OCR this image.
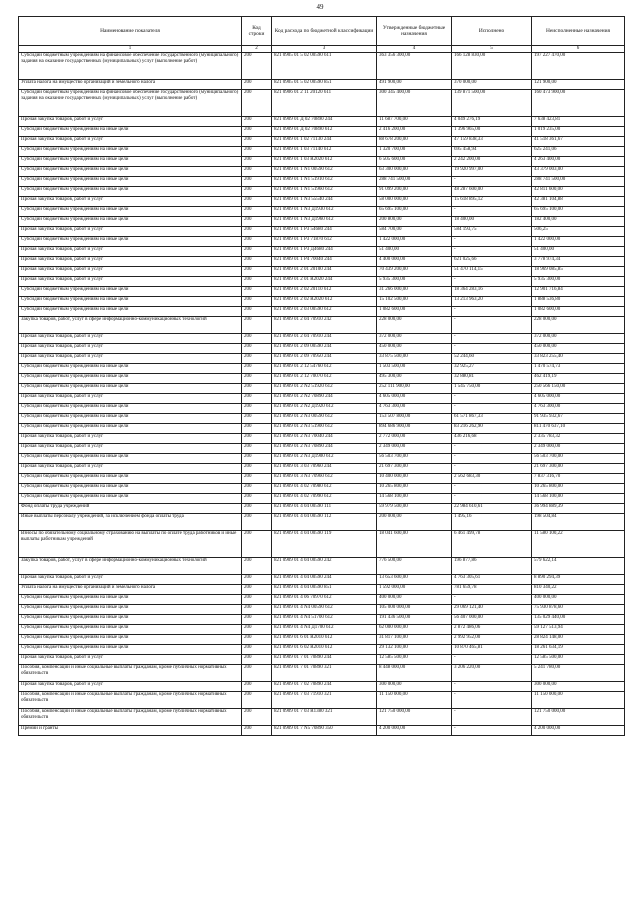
49
Наименование показателя	Код строки	Код расхода по бюджетной классификации	Утвержденные бюджетные назначения	Исполнено	Неисполненные назначения
1	2	3	4	5	6
Субсидии бюджетным учреждениям на финансовое обеспечение государственного (муниципального) задания на оказание государственных (муниципальных) услуг (выполнение работ)	200	821 0905 01 5 02 00590 611	363 356 300,00	166 128 830,00	197 227 470,00
Уплата налога на имущество организаций и земельного налога	200	821 0905 01 5 02 00590 851	491 900,00	370 000,00	121 900,00
Субсидии бюджетным учреждениям на финансовое обеспечение государственного (муниципального) задания на оказание государственных (муниципальных) услуг (выполнение работ)	200	821 0906 01 2 11 20120 611	300 345 400,00	139 871 500,00	160 473 900,00
Прочая закупка товаров, работ и услуг	200	821 0909 01 Д 02 70890 244	11 687 700,00	4 049 276,19	7 638 423,81
Субсидии бюджетным учреждениям на иные цели	200	821 0909 01 Д 02 70890 612	2 416 200,00	1 396 965,00	1 019 235,00
Прочая закупка товаров, работ и услуг	200	821 0909 01 1 02 71130 244	88 678 200,00	47 159 838,33	41 518 361,67
Субсидии бюджетным учреждениям на иные цели	200	821 0909 01 1 03 71140 612	1 320 700,00	695 458,94	625 241,06
Субсидии бюджетным учреждениям на иные цели	200	821 0909 01 1 03 R2020 612	6 505 600,00	2 242 200,00	4 263 400,00
Субсидии бюджетным учреждениям на иные цели	200	821 0909 01 1 N1 00590 612	63 300 000,00	19 920 997,00	43 379 003,00
Субсидии бюджетным учреждениям на иные цели	200	821 0909 01 1 N1 51910 612	288 741 500,00	-	288 741 500,00
Субсидии бюджетным учреждениям на иные цели	200	821 0909 01 1 N1 51960 612	91 099 200,00	48 287 600,00	42 811 600,00
Прочая закупка товаров, работ и услуг	200	821 0909 01 1 N3 55540 244	58 000 000,00	15 618 895,12	42 381 104,88
Субсидии бюджетным учреждениям на иные цели	200	821 0909 01 1 N3 Д1930 612	65 695 100,00	-	65 695 100,00
Субсидии бюджетным учреждениям на иные цели	200	821 0909 01 1 N3 Д1960 612	200 800,00	18 400,00	182 400,00
Прочая закупка товаров, работ и услуг	200	821 0909 01 1 P3 54680 244	584 700,00	584 193,75	506,25
Субсидии бюджетным учреждениям на иные цели	200	821 0909 01 1 P3 71870 612	1 422 000,00	-	1 422 000,00
Прочая закупка товаров, работ и услуг	200	821 0909 01 1 P3 Д4680 244	51 400,00	-	51 400,00
Прочая закупка товаров, работ и услуг	200	821 0909 01 1 P4 70040 244	4 400 000,00	621 025,66	3 778 974,34
Прочая закупка товаров, работ и услуг	200	821 0909 01 2 01 20100 244	70 439 200,00	51 470 114,15	18 969 085,85
Прочая закупка товаров, работ и услуг	200	821 0909 01 2 01 R2020 244	5 935 300,00	-	5 935 300,00
Субсидии бюджетным учреждениям на иные цели	200	821 0909 01 2 02 20110 612	31 266 000,00	18 364 283,16	12 901 716,84
Субсидии бюджетным учреждениям на иные цели	200	821 0909 01 2 02 R2020 612	15 102 500,00	13 213 963,20	1 888 536,80
Субсидии бюджетным учреждениям на иные цели	200	821 0909 01 2 03 00590 612	1 082 600,00	-	1 082 600,00
Закупка товаров, работ, услуг в сфере информационно-коммуникационных технологий	200	821 0909 01 2 04 70910 242	228 000,00	-	228 000,00
Прочая закупка товаров, работ и услуг	200	821 0909 01 2 04 70910 244	372 000,00	-	372 000,00
Прочая закупка товаров, работ и услуг	200	821 0909 01 2 09 00590 244	450 000,00	-	450 000,00
Прочая закупка товаров, работ и услуг	200	821 0909 01 2 09 70950 244	33 875 500,00	52 244,60	33 823 255,40
Субсидии бюджетным учреждениям на иные цели	200	821 0909 01 2 12 54760 612	1 503 500,00	32 925,27	1 470 574,73
Субсидии бюджетным учреждениям на иные цели	200	821 0909 01 2 12 70070 612	495 300,00	32 880,81	462 419,19
Субсидии бюджетным учреждениям на иные цели	200	821 0909 01 2 N2 51920 612	252 111 900,00	1 545 750,00	250 566 150,00
Прочая закупка товаров, работ и услуг	200	821 0909 01 2 N2 70890 244	4 605 000,00	-	4 605 000,00
Субсидии бюджетным учреждениям на иные цели	200	821 0909 01 2 N2 Д1920 612	4 763 300,00	-	4 763 300,00
Субсидии бюджетным учреждениям на иные цели	200	821 0909 01 2 N3 00590 612	153 507 800,00	61 571 867,33	91 935 932,67
Субсидии бюджетным учреждениям на иные цели	200	821 0909 01 2 N3 51900 612	894 686 900,00	83 216 262,90	811 470 637,10
Прочая закупка товаров, работ и услуг	200	821 0909 01 2 N3 70040 244	2 772 000,00	436 216,68	2 335 783,32
Прочая закупка товаров, работ и услуг	200	821 0909 01 2 N3 70890 244	2 349 000,00	-	2 349 000,00
Субсидии бюджетным учреждениям на иные цели	200	821 0909 01 2 N3 Д1900 612	56 503 700,00	-	56 503 700,00
Прочая закупка товаров, работ и услуг	200	821 0909 01 3 03 70960 244	21 697 300,00	-	21 697 300,00
Субсидии бюджетным учреждениям на иные цели	200	821 0909 01 3 N3 70960 612	10 400 000,00	2 562 683,30	7 837 316,70
Субсидии бюджетным учреждениям на иные цели	200	821 0909 01 4 02 70980 612	10 265 800,00	-	10 265 800,00
Субсидии бюджетным учреждениям на иные цели	200	821 0909 01 4 02 70990 612	14 568 100,00	-	14 568 100,00
Фонд оплаты труда учреждений	200	821 0909 01 4 04 00590 111	59 979 500,00	22 984 610,61	36 994 889,39
Иные выплаты персоналу учреждений, за исключением фонда оплаты труда	200	821 0909 01 4 04 00590 112	200 000,00	1 495,16	198 504,84
Взносы по обязательному социальному страхованию на выплаты по оплате труда работников и иные выплаты работникам учреждений	200	821 0909 01 4 04 00590 119	18 041 600,00	6 461 499,78	11 580 100,22
Закупка товаров, работ, услуг в сфере информационно-коммуникационных технологий	200	821 0909 01 4 04 00590 242	776 500,00	196 877,86	579 622,14
Прочая закупка товаров, работ и услуг	200	821 0909 01 4 04 00590 244	13 653 600,00	4 763 305,61	8 890 294,39
Уплата налога на имущество организаций и земельного налога	200	821 0909 01 4 04 00590 851	1 592 000,00	781 659,78	810 340,22
Субсидии бюджетным учреждениям на иные цели	200	821 0909 01 4 06 70970 612	400 000,00	-	400 000,00
Субсидии бюджетным учреждениям на иные цели	200	821 0909 01 4 N4 00590 612	105 000 000,00	29 069 121,40	75 930 878,60
Субсидии бюджетным учреждениям на иные цели	200	821 0909 01 4 N4 51700 612	191 436 500,00	56 407 000,00	135 029 440,00
Субсидии бюджетным учреждениям на иные цели	200	821 0909 01 4 N4 Д1700 612	62 000 000,00	2 872 486,06	59 127 513,94
Субсидии бюджетным учреждениям на иные цели	200	821 0909 01 6 01 R2010 612	31 817 100,00	2 992 952,00	28 824 148,00
Субсидии бюджетным учреждениям на иные цели	200	821 0909 01 6 02 R2010 612	29 132 100,00	10 870 465,81	18 261 634,19
Прочая закупка товаров, работ и услуг	200	821 0909 01 7 01 70890 244	12 585 500,00	-	12 585 500,00
Пособия, компенсации и иные социальные выплаты гражданам, кроме публичных нормативных обязательств	200	821 0909 01 7 01 70890 321	8 448 000,00	3 206 220,00	5 241 780,00
Прочая закупка товаров, работ и услуг	200	821 0909 01 7 02 70890 244	300 000,00	-	300 000,00
Пособия, компенсации и иные социальные выплаты гражданам, кроме публичных нормативных обязательств	200	821 0909 01 7 03 71910 321	11 150 000,00	-	11 150 000,00
Пособия, компенсации и иные социальные выплаты гражданам, кроме публичных нормативных обязательств	200	821 0909 01 7 03 R1380 321	121 750 000,00	-	121 750 000,00
Премии и гранты	200	821 0909 01 7 N5 70890 350	4 200 000,00	-	4 200 000,00
